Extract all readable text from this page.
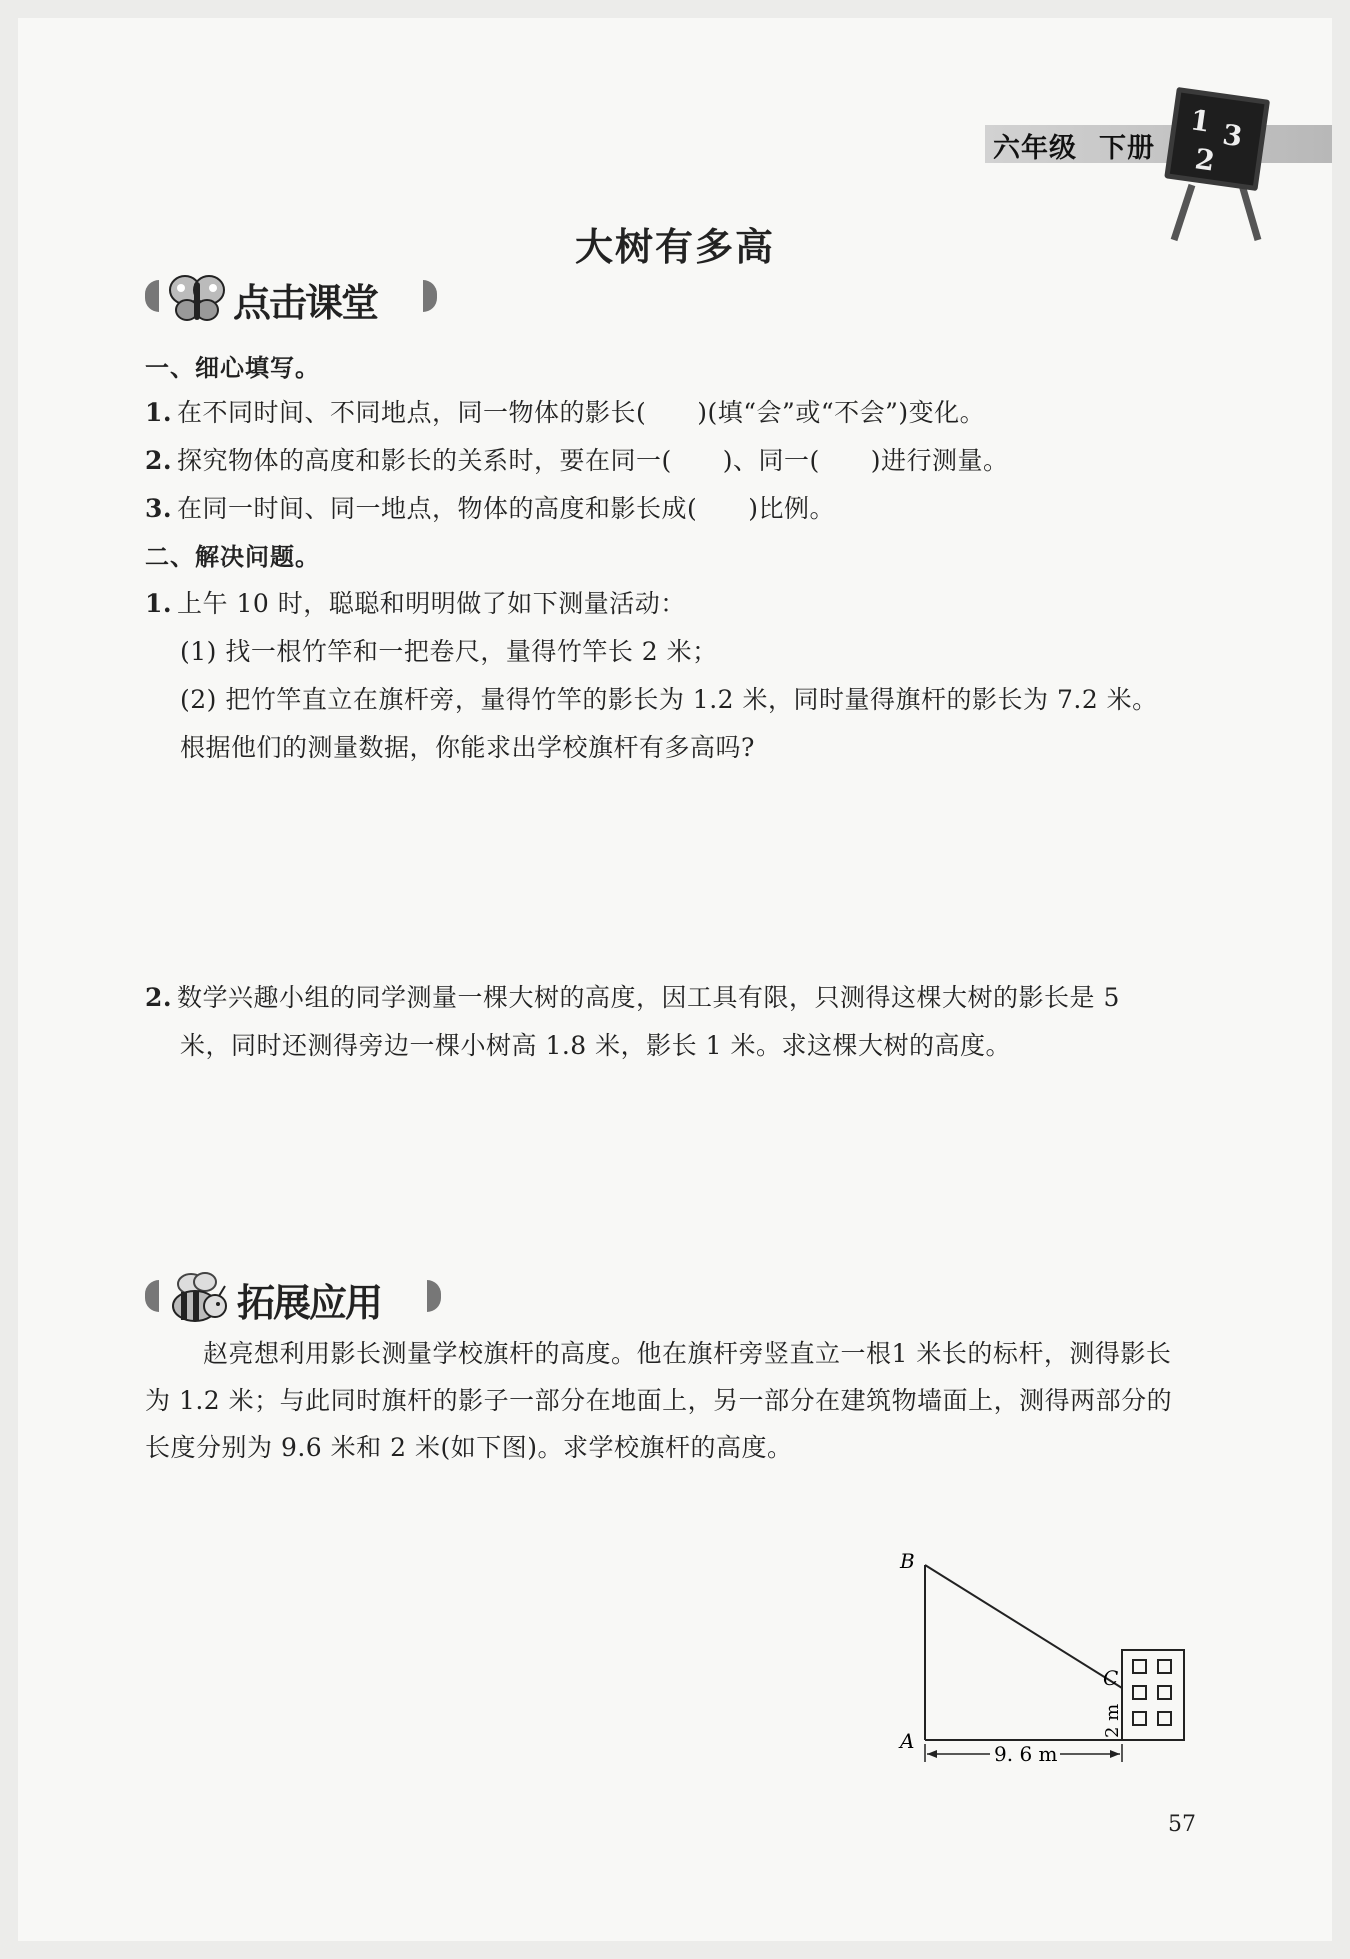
六年级 下册
1 3
2
大树有多高
点击课堂
一、细心填写。
1. 在不同时间、不同地点，同一物体的影长(　　)(填“会”或“不会”)变化。
2. 探究物体的高度和影长的关系时，要在同一(　　)、同一(　　)进行测量。
3. 在同一时间、同一地点，物体的高度和影长成(　　)比例。
二、解决问题。
1. 上午 10 时，聪聪和明明做了如下测量活动：
(1) 找一根竹竿和一把卷尺，量得竹竿长 2 米；
(2) 把竹竿直立在旗杆旁，量得竹竿的影长为 1.2 米，同时量得旗杆的影长为 7.2 米。
根据他们的测量数据，你能求出学校旗杆有多高吗?
2. 数学兴趣小组的同学测量一棵大树的高度，因工具有限，只测得这棵大树的影长是 5
米，同时还测得旁边一棵小树高 1.8 米，影长 1 米。求这棵大树的高度。
拓展应用
赵亮想利用影长测量学校旗杆的高度。他在旗杆旁竖直立一根1 米长的标杆，测得影长为 1.2 米；与此同时旗杆的影子一部分在地面上，另一部分在建筑物墙面上，测得两部分的长度分别为 9.6 米和 2 米(如下图)。求学校旗杆的高度。
B
A
C
2 m
9. 6 m
57
